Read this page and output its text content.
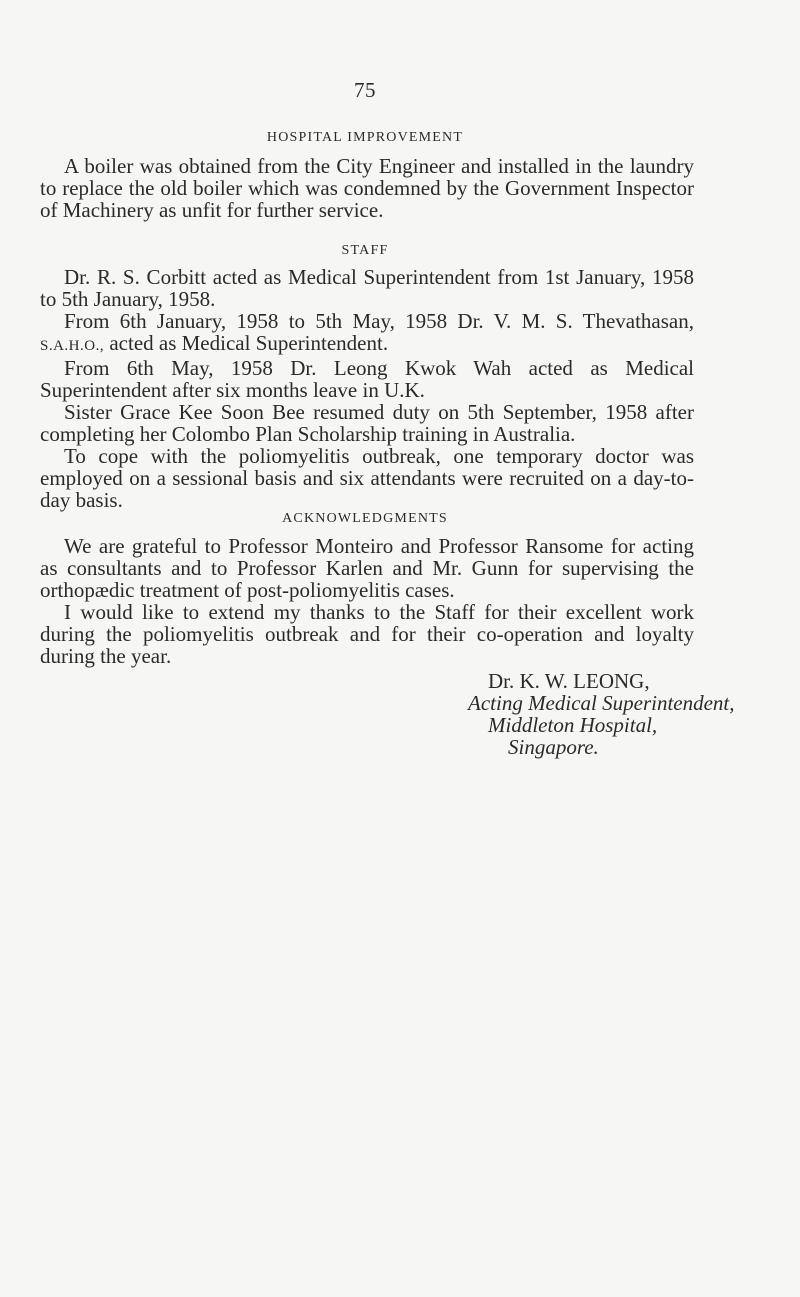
75
HOSPITAL IMPROVEMENT

A boiler was obtained from the City Engineer and installed in the laundry to replace the old boiler which was condemned by the Government Inspector of Machinery as unfit for further service.

STAFF

Dr. R. S. Corbitt acted as Medical Superintendent from 1st January, 1958 to 5th January, 1958.

From 6th January, 1958 to 5th May, 1958 Dr. V. M. S. Thevathasan, S.A.H.O., acted as Medical Superintendent.

From 6th May, 1958 Dr. Leong Kwok Wah acted as Medical Superintendent after six months leave in U.K.

Sister Grace Kee Soon Bee resumed duty on 5th September, 1958 after completing her Colombo Plan Scholarship training in Australia.

To cope with the poliomyelitis outbreak, one temporary doctor was employed on a sessional basis and six attendants were recruited on a day-to-day basis.

ACKNOWLEDGMENTS

We are grateful to Professor Monteiro and Professor Ransome for acting as consultants and to Professor Karlen and Mr. Gunn for supervising the orthopædic treatment of post-poliomyelitis cases.

I would like to extend my thanks to the Staff for their excellent work during the poliomyelitis outbreak and for their co-operation and loyalty during the year.

Dr. K. W. LEONG,
Acting Medical Superintendent,
Middleton Hospital,
Singapore.
